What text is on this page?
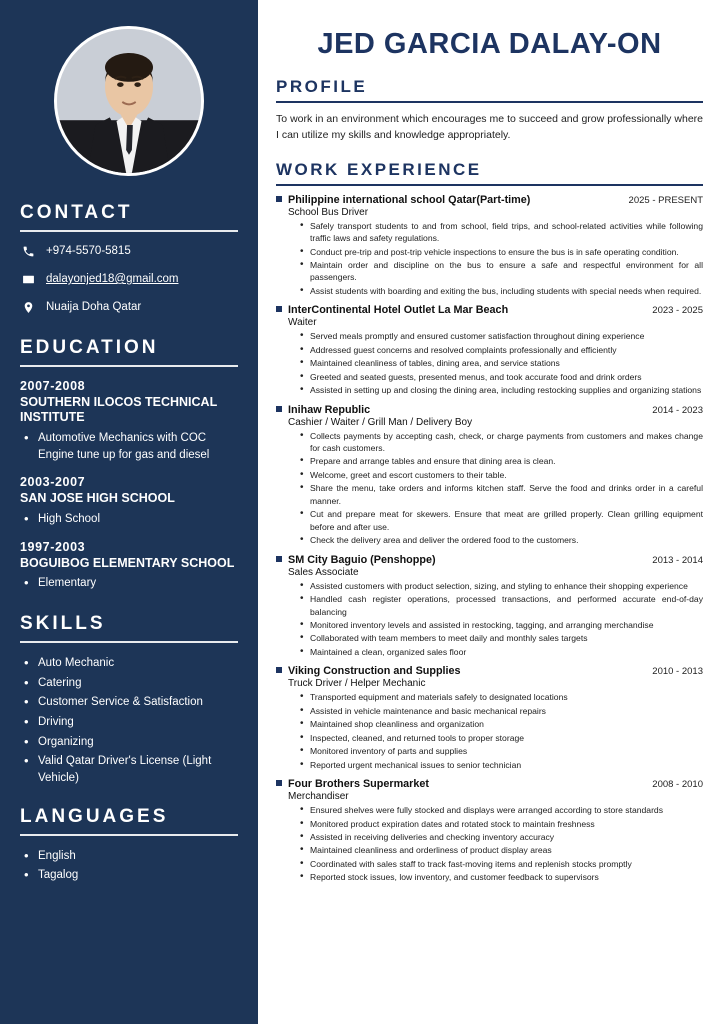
CONTACT
+974-5570-5815
dalayonjed18@gmail.com
Nuaija Doha Qatar
EDUCATION
2007-2008
SOUTHERN ILOCOS TECHNICAL INSTITUTE
• Automotive Mechanics with COC Engine tune up for gas and diesel
2003-2007
SAN JOSE HIGH SCHOOL
• High School
1997-2003
BOGUIBOG ELEMENTARY SCHOOL
• Elementary
SKILLS
• Auto Mechanic
• Catering
• Customer Service & Satisfaction
• Driving
• Organizing
• Valid Qatar Driver's License (Light Vehicle)
LANGUAGES
• English
• Tagalog
JED GARCIA DALAY-ON
PROFILE
To work in an environment which encourages me to succeed and grow professionally where I can utilize my skills and knowledge appropriately.
WORK EXPERIENCE
Philippine international school Qatar(Part-time)	2025 - PRESENT
School Bus Driver
• Safely transport students to and from school, field trips, and school-related activities while following traffic laws and safety regulations.
• Conduct pre-trip and post-trip vehicle inspections to ensure the bus is in safe operating condition.
• Maintain order and discipline on the bus to ensure a safe and respectful environment for all passengers.
• Assist students with boarding and exiting the bus, including students with special needs when required.
InterContinental Hotel Outlet La Mar Beach	2023 - 2025
Waiter
• Served meals promptly and ensured customer satisfaction throughout dining experience
• Addressed guest concerns and resolved complaints professionally and efficiently
• Maintained cleanliness of tables, dining area, and service stations
• Greeted and seated guests, presented menus, and took accurate food and drink orders
• Assisted in setting up and closing the dining area, including restocking supplies and organizing stations
Inihaw Republic	2014 - 2023
Cashier / Waiter / Grill Man / Delivery Boy
• Collects payments by accepting cash, check, or charge payments from customers and makes change for cash customers.
• Prepare and arrange tables and ensure that dining area is clean.
• Welcome, greet and escort customers to their table.
• Share the menu, take orders and informs kitchen staff. Serve the food and drinks order in a careful manner.
• Cut and prepare meat for skewers. Ensure that meat are grilled properly. Clean grilling equipment before and after use.
• Check the delivery area and deliver the ordered food to the customers.
SM City Baguio (Penshoppe)	2013 - 2014
Sales Associate
• Assisted customers with product selection, sizing, and styling to enhance their shopping experience
• Handled cash register operations, processed transactions, and performed accurate end-of-day balancing
• Monitored inventory levels and assisted in restocking, tagging, and arranging merchandise
• Collaborated with team members to meet daily and monthly sales targets
• Maintained a clean, organized sales floor
Viking Construction and Supplies	2010 - 2013
Truck Driver / Helper Mechanic
• Transported equipment and materials safely to designated locations
• Assisted in vehicle maintenance and basic mechanical repairs
• Maintained shop cleanliness and organization
• Inspected, cleaned, and returned tools to proper storage
• Monitored inventory of parts and supplies
• Reported urgent mechanical issues to senior technician
Four Brothers Supermarket	2008 - 2010
Merchandiser
• Ensured shelves were fully stocked and displays were arranged according to store standards
• Monitored product expiration dates and rotated stock to maintain freshness
• Assisted in receiving deliveries and checking inventory accuracy
• Maintained cleanliness and orderliness of product display areas
• Coordinated with sales staff to track fast-moving items and replenish stocks promptly
• Reported stock issues, low inventory, and customer feedback to supervisors
